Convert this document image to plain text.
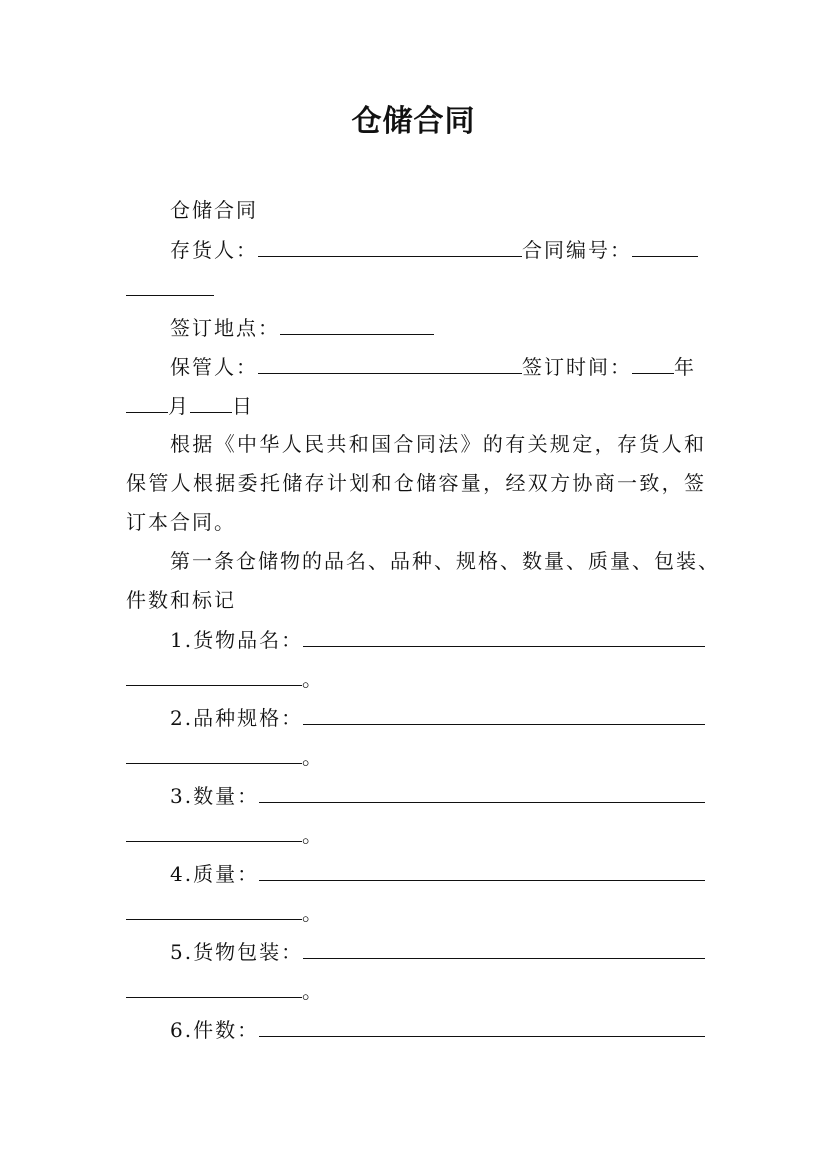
仓储合同
仓储合同
存货人：	合同编号：
签订地点：
保管人：	签订时间： 年
月 日
根据《中华人民共和国合同法》的有关规定，存货人和
保管人根据委托储存计划和仓储容量，经双方协商一致，签
订本合同。
第一条仓储物的品名、品种、规格、数量、质量、包装、
件数和标记
1.货物品名：
。
2.品种规格：
。
3.数量：
。
4.质量：
。
5.货物包装：
。
6.件数：
